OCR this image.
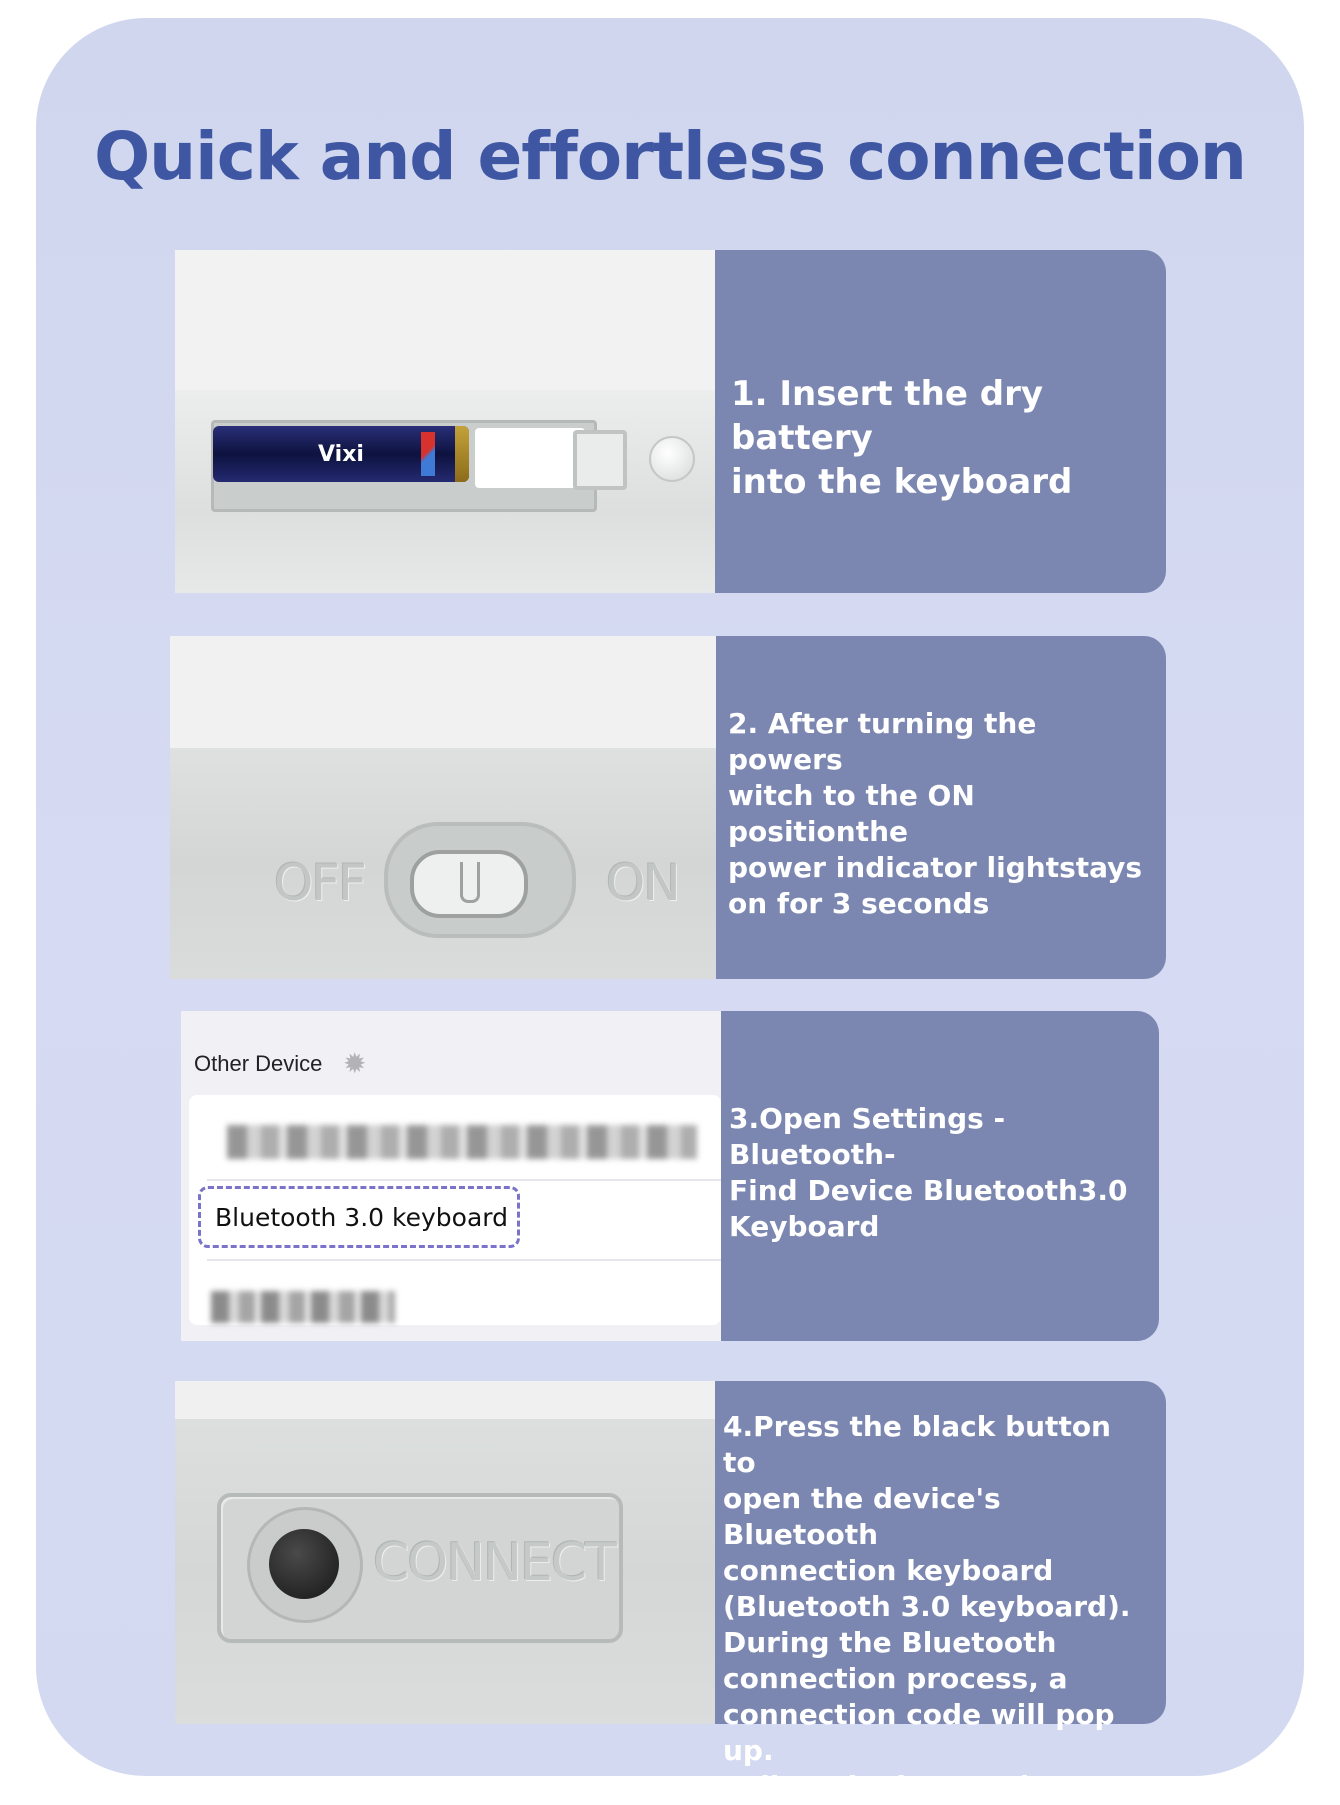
Quick and effortless connection
Vixi
1. Insert the dry battery
into the keyboard
OFF	ON
2. After turning the powers
witch to the ON positionthe
power indicator lightstays
on for 3 seconds
Other Device ✹
Bluetooth 3.0 keyboard
3.Open Settings -Bluetooth-
Find Device Bluetooth3.0
Keyboard
CONNECT
4.Press the black button to
open the device's Bluetooth
connection keyboard
(Bluetooth 3.0 keyboard).
During the Bluetooth
connection process, a
connection code will pop up.
Follow the instructions.
